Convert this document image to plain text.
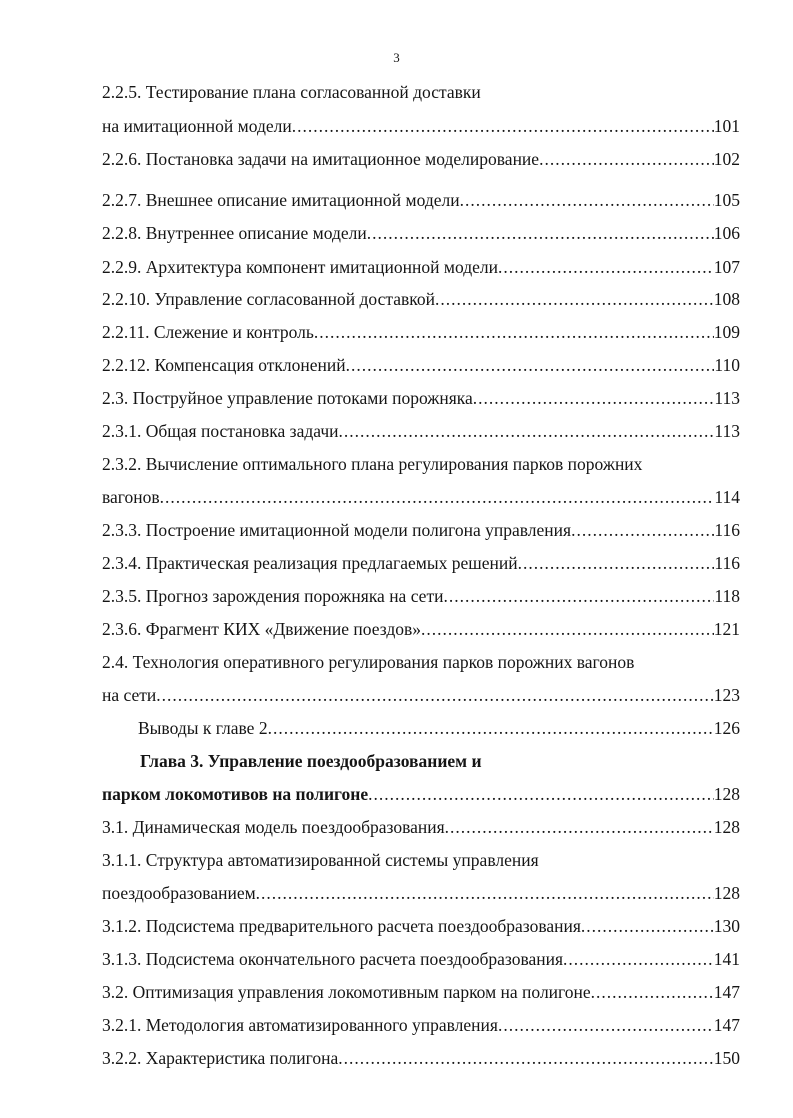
3
2.2.5. Тестирование плана согласованной доставки
на имитационной модели .....	101
2.2.6. Постановка задачи на имитационное моделирование .....	102
2.2.7. Внешнее описание имитационной модели .....	105
2.2.8. Внутреннее описание модели .....	106
2.2.9. Архитектура компонент имитационной модели .....	107
2.2.10. Управление согласованной доставкой .....	108
2.2.11. Слежение и контроль .....	109
2.2.12. Компенсация отклонений .....	110
2.3. Поструйное управление потоками порожняка .....	113
2.3.1. Общая постановка задачи .....	113
2.3.2. Вычисление оптимального плана регулирования парков порожних
вагонов .....	114
2.3.3. Построение имитационной модели полигона управления .....	116
2.3.4. Практическая реализация предлагаемых решений .....	116
2.3.5. Прогноз зарождения порожняка на сети .....	118
2.3.6. Фрагмент КИХ «Движение поездов» .....	121
2.4. Технология оперативного регулирования парков порожних вагонов
на сети .....	123
Выводы к главе 2 .....	126
Глава 3. Управление поездообразованием и
парком локомотивов на полигоне .....	128
3.1. Динамическая модель поездообразования .....	128
3.1.1. Структура автоматизированной системы управления
поездообразованием .....	128
3.1.2. Подсистема предварительного расчета поездообразования .....	130
3.1.3. Подсистема окончательного расчета поездообразования .....	141
3.2. Оптимизация управления локомотивным парком на полигоне .....	147
3.2.1. Методология автоматизированного управления .....	147
3.2.2. Характеристика полигона .....	150
